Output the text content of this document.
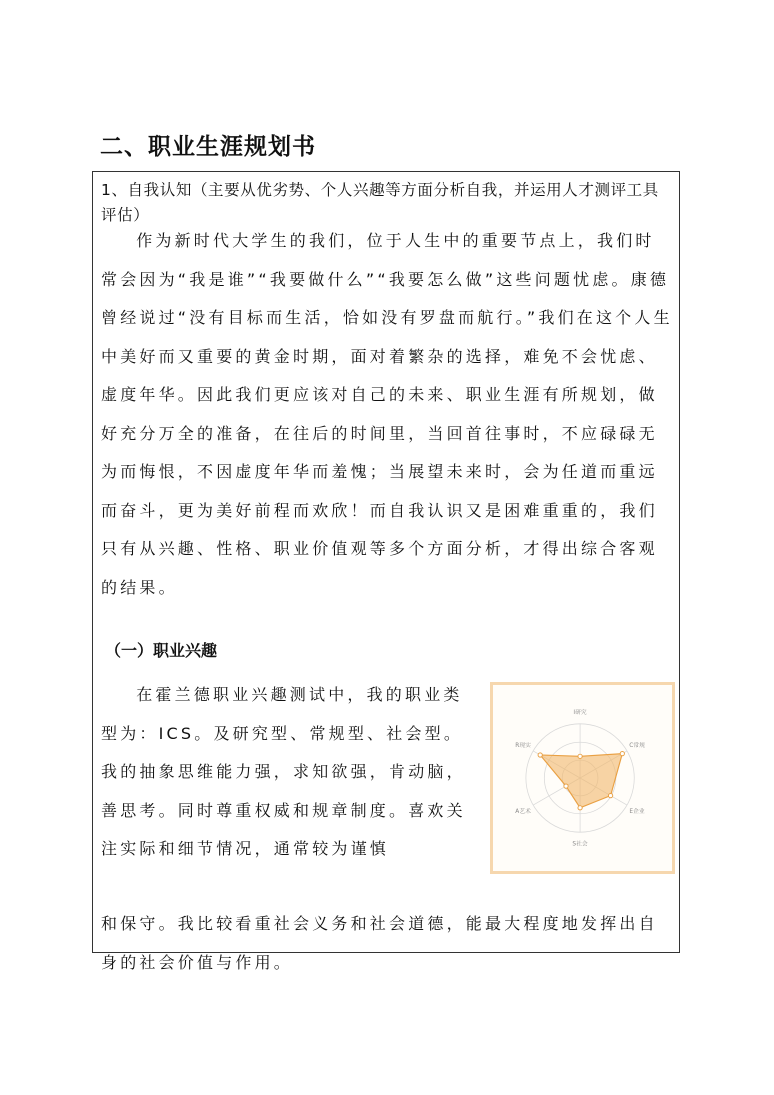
二、职业生涯规划书
1、自我认知（主要从优劣势、个人兴趣等方面分析自我，并运用人才测评工具评估）
作为新时代大学生的我们，位于人生中的重要节点上，我们时常会因为“我是谁”“我要做什么”“我要怎么做”这些问题忧虑。康德曾经说过“没有目标而生活，恰如没有罗盘而航行。”我们在这个人生中美好而又重要的黄金时期，面对着繁杂的选择，难免不会忧虑、虚度年华。因此我们更应该对自己的未来、职业生涯有所规划，做好充分万全的准备，在往后的时间里，当回首往事时，不应碌碌无为而悔恨，不因虚度年华而羞愧；当展望未来时，会为任道而重远而奋斗，更为美好前程而欢欣！而自我认识又是困难重重的，我们只有从兴趣、性格、职业价值观等多个方面分析，才得出综合客观的结果。
（一）职业兴趣
在霍兰德职业兴趣测试中，我的职业类型为：ICS。及研究型、常规型、社会型。我的抽象思维能力强，求知欲强，肯动脑，善思考。同时尊重权威和规章制度。喜欢关注实际和细节情况，通常较为谨慎
I研究
C常规
E企业
S社会
A艺术
R现实
和保守。我比较看重社会义务和社会道德，能最大程度地发挥出自身的社会价值与作用。
